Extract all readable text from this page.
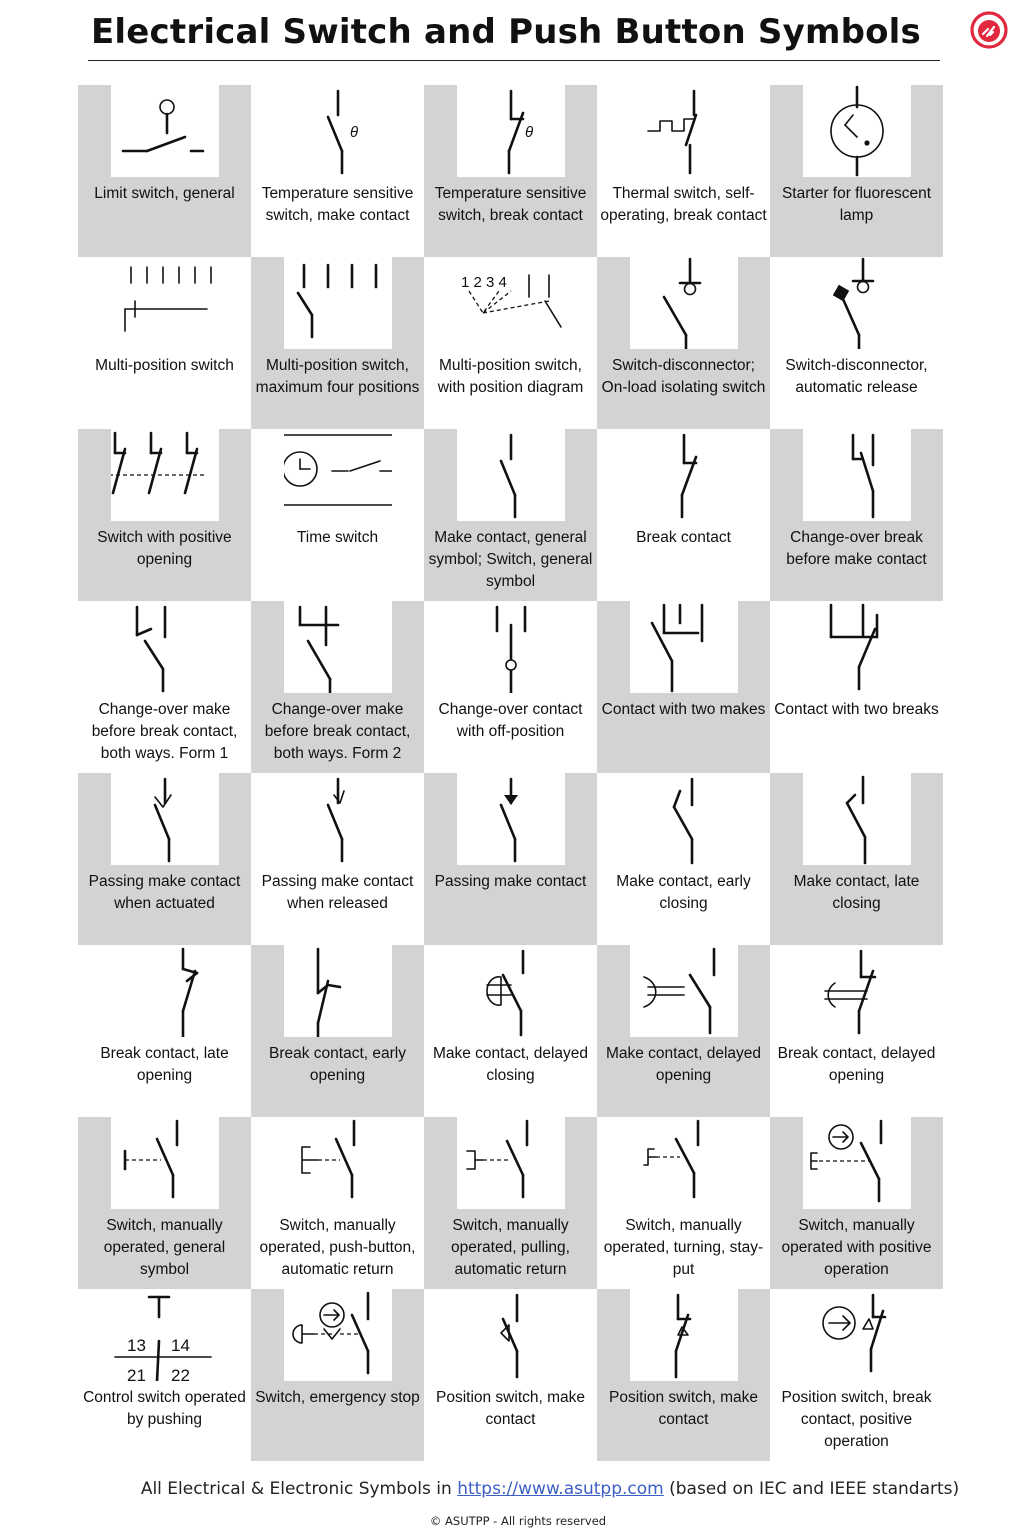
Electrical Switch and Push Button Symbols
Limit switch, general
θ
Temperature sensitive switch, make contact
θ
Temperature sensitive switch, break contact
Thermal switch, self-operating, break contact
Starter for fluorescent lamp
Multi-position switch	Multi-position switch, maximum four positions
1 2 3 4
Multi-position switch, with position diagram
Switch-disconnector; On-load isolating switch
Switch-disconnector, automatic release
Switch with positive opening
Time switch	Make contact, general symbol; Switch, general symbol
Break contact	Change-over break before make contact
Change-over make before break contact, both ways. Form 1
Change-over make before break contact, both ways. Form 2
Change-over contact with off-position
Contact with two makes Contact with two breaks
Passing make contact when actuated
Passing make contact when released
Passing make contact	Make contact, early closing
Make contact, late closing
Break contact, late opening
Break contact, early opening
Make contact, delayed closing
Make contact, delayed opening
Break contact, delayed opening
Switch, manually operated, general symbol
Switch, manually operated, push-button, automatic return
Switch, manually operated, pulling, automatic return
Switch, manually operated, turning, stay-put
Switch, manually operated with positive operation
13 14
21 22
Control switch operated by pushing
Switch, emergency stop	Position switch, make contact
Position switch, make contact
Position switch, break contact, positive operation
All Electrical & Electronic Symbols in https://www.asutpp.com (based on IEC and IEEE standarts)
© ASUTPP - All rights reserved
